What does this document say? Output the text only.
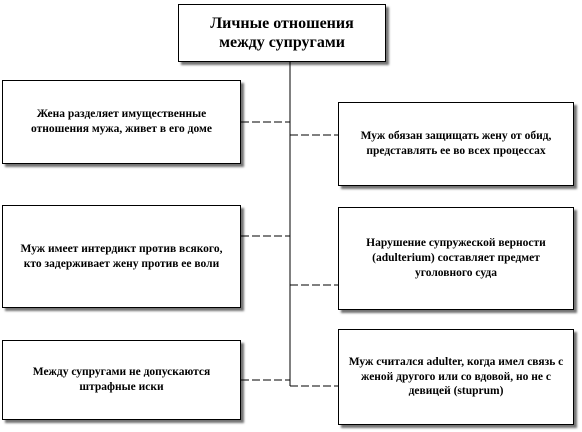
Личные отношения между супругами
Жена разделяет имущественные отношения мужа, живет в его доме
Муж имеет интердикт против всякого, кто задерживает жену против ее воли
Между супругами не допускаются штрафные иски
Муж обязан защищать жену от обид, представлять ее во всех процессах
Нарушение супружеской верности (adulterium) составляет предмет уголовного суда
Муж считался adulter, когда имел связь с женой другого или со вдовой, но не с девицей (stuprum)
